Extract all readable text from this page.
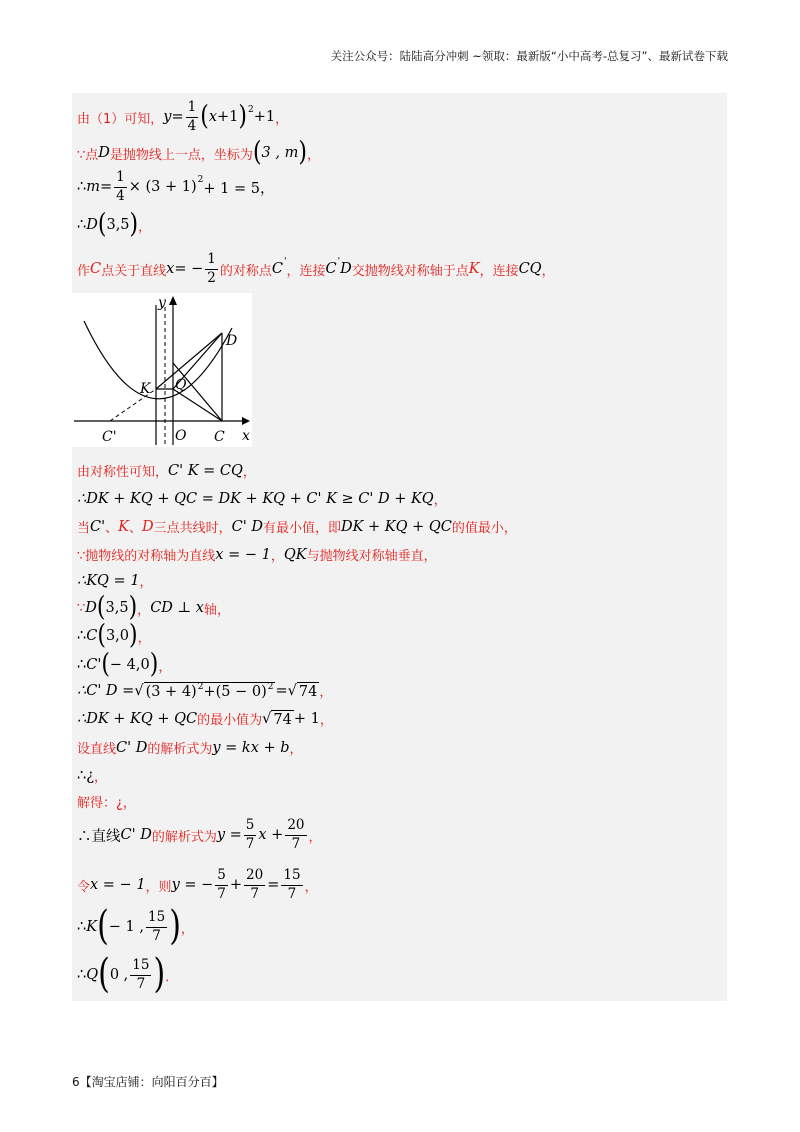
关注公众号：陆陆高分冲刺 ~领取：最新版“小中高考-总复习”、最新试卷下载
由（1）可知， $y = \frac{1}{4}$ ( x +1 ) 2 +1 ，
∵点 D 是抛物线上一点，坐标为 ( 3 , m ) ，
∴ $m = \frac{1}{4} \times (3 + 1)$ 2
+ 1 = 5，
∴ D ( 3,5 ) ，
作 C 点关于直线 x = − $\frac{1}{2}$ 的对称点 C '
，连接 C ' D 交抛物线对称轴于点 K ，连接 CQ ，
y
x
D
K Q
O C
C'
由对称性可知， C' K = CQ ，
∴DK + KQ + QC = DK + KQ + C' K ≥ C' D + KQ ，
当 C' 、 K 、 D 三点共线时， C' D 有最小值，即 DK + KQ + QC 的值最小，
∵抛物线的对称轴为直线 x = − 1 ， QK 与抛物线对称轴垂直，
∴KQ = 1 ，
∵ D ( 3,5 ) ， CD ⊥ x 轴，
∴ C ( 3,0 ) ，
∴ C' ( − 4,0 ) ，
∴C' D = √ $(3 + 4)^2+(5 - 0)^2$ = √ 74 ，
∴DK + KQ + QC 的最小值为 √ 74 + 1 ，
设直线 C' D 的解析式为 y = kx + b ，
∴¿ ，
解得：¿ ，
∴直线 C' D 的解析式为 $y = \frac{5}{7}$ $x + \frac{20}{7}$ ，
令 x = − 1 ，则 y = − $\frac{5}{7} + \frac{20}{7} = \frac{15}{7}$ ，
∴ K ( − 1 , $\frac{15}{7}$ ) ，
∴ Q ( 0 , $\frac{15}{7}$ ) ．
6【淘宝店铺：向阳百分百】
